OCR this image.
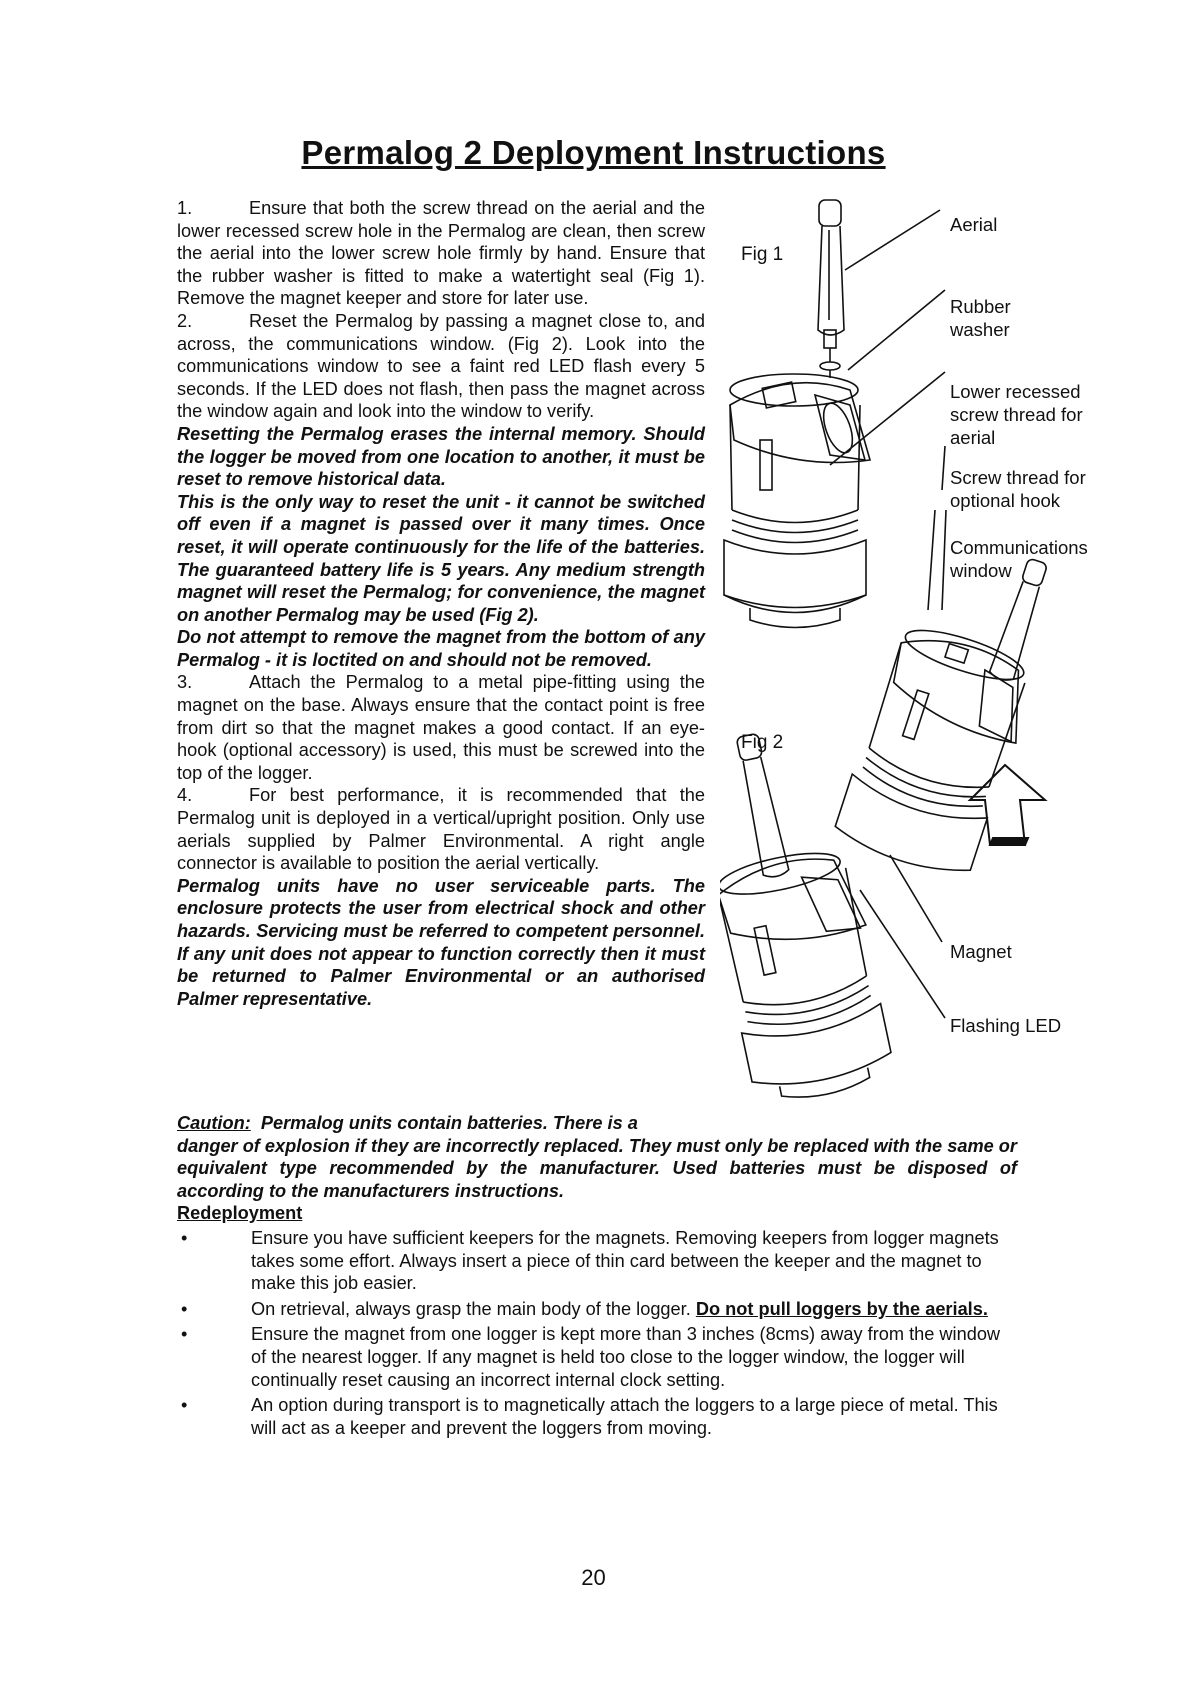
Permalog 2 Deployment Instructions

1.	Ensure that both the screw thread on the aerial and the lower recessed screw hole in the Permalog are clean, then screw the aerial into the lower screw hole firmly by hand. Ensure that the rubber washer is fitted to make a watertight seal (Fig 1). Remove the magnet keeper and store for later use.

2.	Reset the Permalog by passing a magnet close to, and across, the communications window. (Fig 2). Look into the communications window to see a faint red LED flash every 5 seconds. If the LED does not flash, then pass the magnet across the window again and look into the window to verify.

Resetting the Permalog erases the internal memory. Should the logger be moved from one location to another, it must be reset to remove historical data.

This is the only way to reset the unit - it cannot be switched off even if a magnet is passed over it many times. Once reset, it will operate continuously for the life of the batteries. The guaranteed battery life is 5 years. Any medium strength magnet will reset the Permalog; for convenience, the magnet on another Permalog may be used (Fig 2).

Do not attempt to remove the magnet from the bottom of any Permalog - it is loctited on and should not be removed.

3.	Attach the Permalog to a metal pipe-fitting using the magnet on the base. Always ensure that the contact point is free from dirt so that the magnet makes a good contact. If an eye-hook (optional accessory) is used, this must be screwed into the top of the logger.

4.	For best performance, it is recommended that the Permalog unit is deployed in a vertical/upright position. Only use aerials supplied by Palmer Environmental. A right angle connector is available to position the aerial vertically.

Permalog units have no user serviceable parts. The enclosure protects the user from electrical shock and other hazards. Servicing must be referred to competent personnel. If any unit does not appear to function correctly then it must be returned to Palmer Environmental or an authorised Palmer representative.

Caution: Permalog units contain batteries. There is a
danger of explosion if they are incorrectly replaced. They must only be replaced with the same or equivalent type recommended by the manufacturer. Used batteries must be disposed of according to the manufacturers instructions.
Redeployment
•	Ensure you have sufficient keepers for the magnets. Removing keepers from logger magnets takes some effort. Always insert a piece of thin card between the keeper and the magnet to make this job easier.
•	On retrieval, always grasp the main body of the logger. Do not pull loggers by the aerials.
•	Ensure the magnet from one logger is kept more than 3 inches (8cms) away from the window of the nearest logger. If any magnet is held too close to the logger window, the logger will continually reset causing an incorrect internal clock setting.
•	An option during transport is to magnetically attach the loggers to a large piece of metal. This will act as a keeper and prevent the loggers from moving.
Fig 1
Fig 2
Aerial
Rubber washer
Lower recessed screw thread for aerial
Screw thread for optional hook
Communications window
Magnet
Flashing LED
20
